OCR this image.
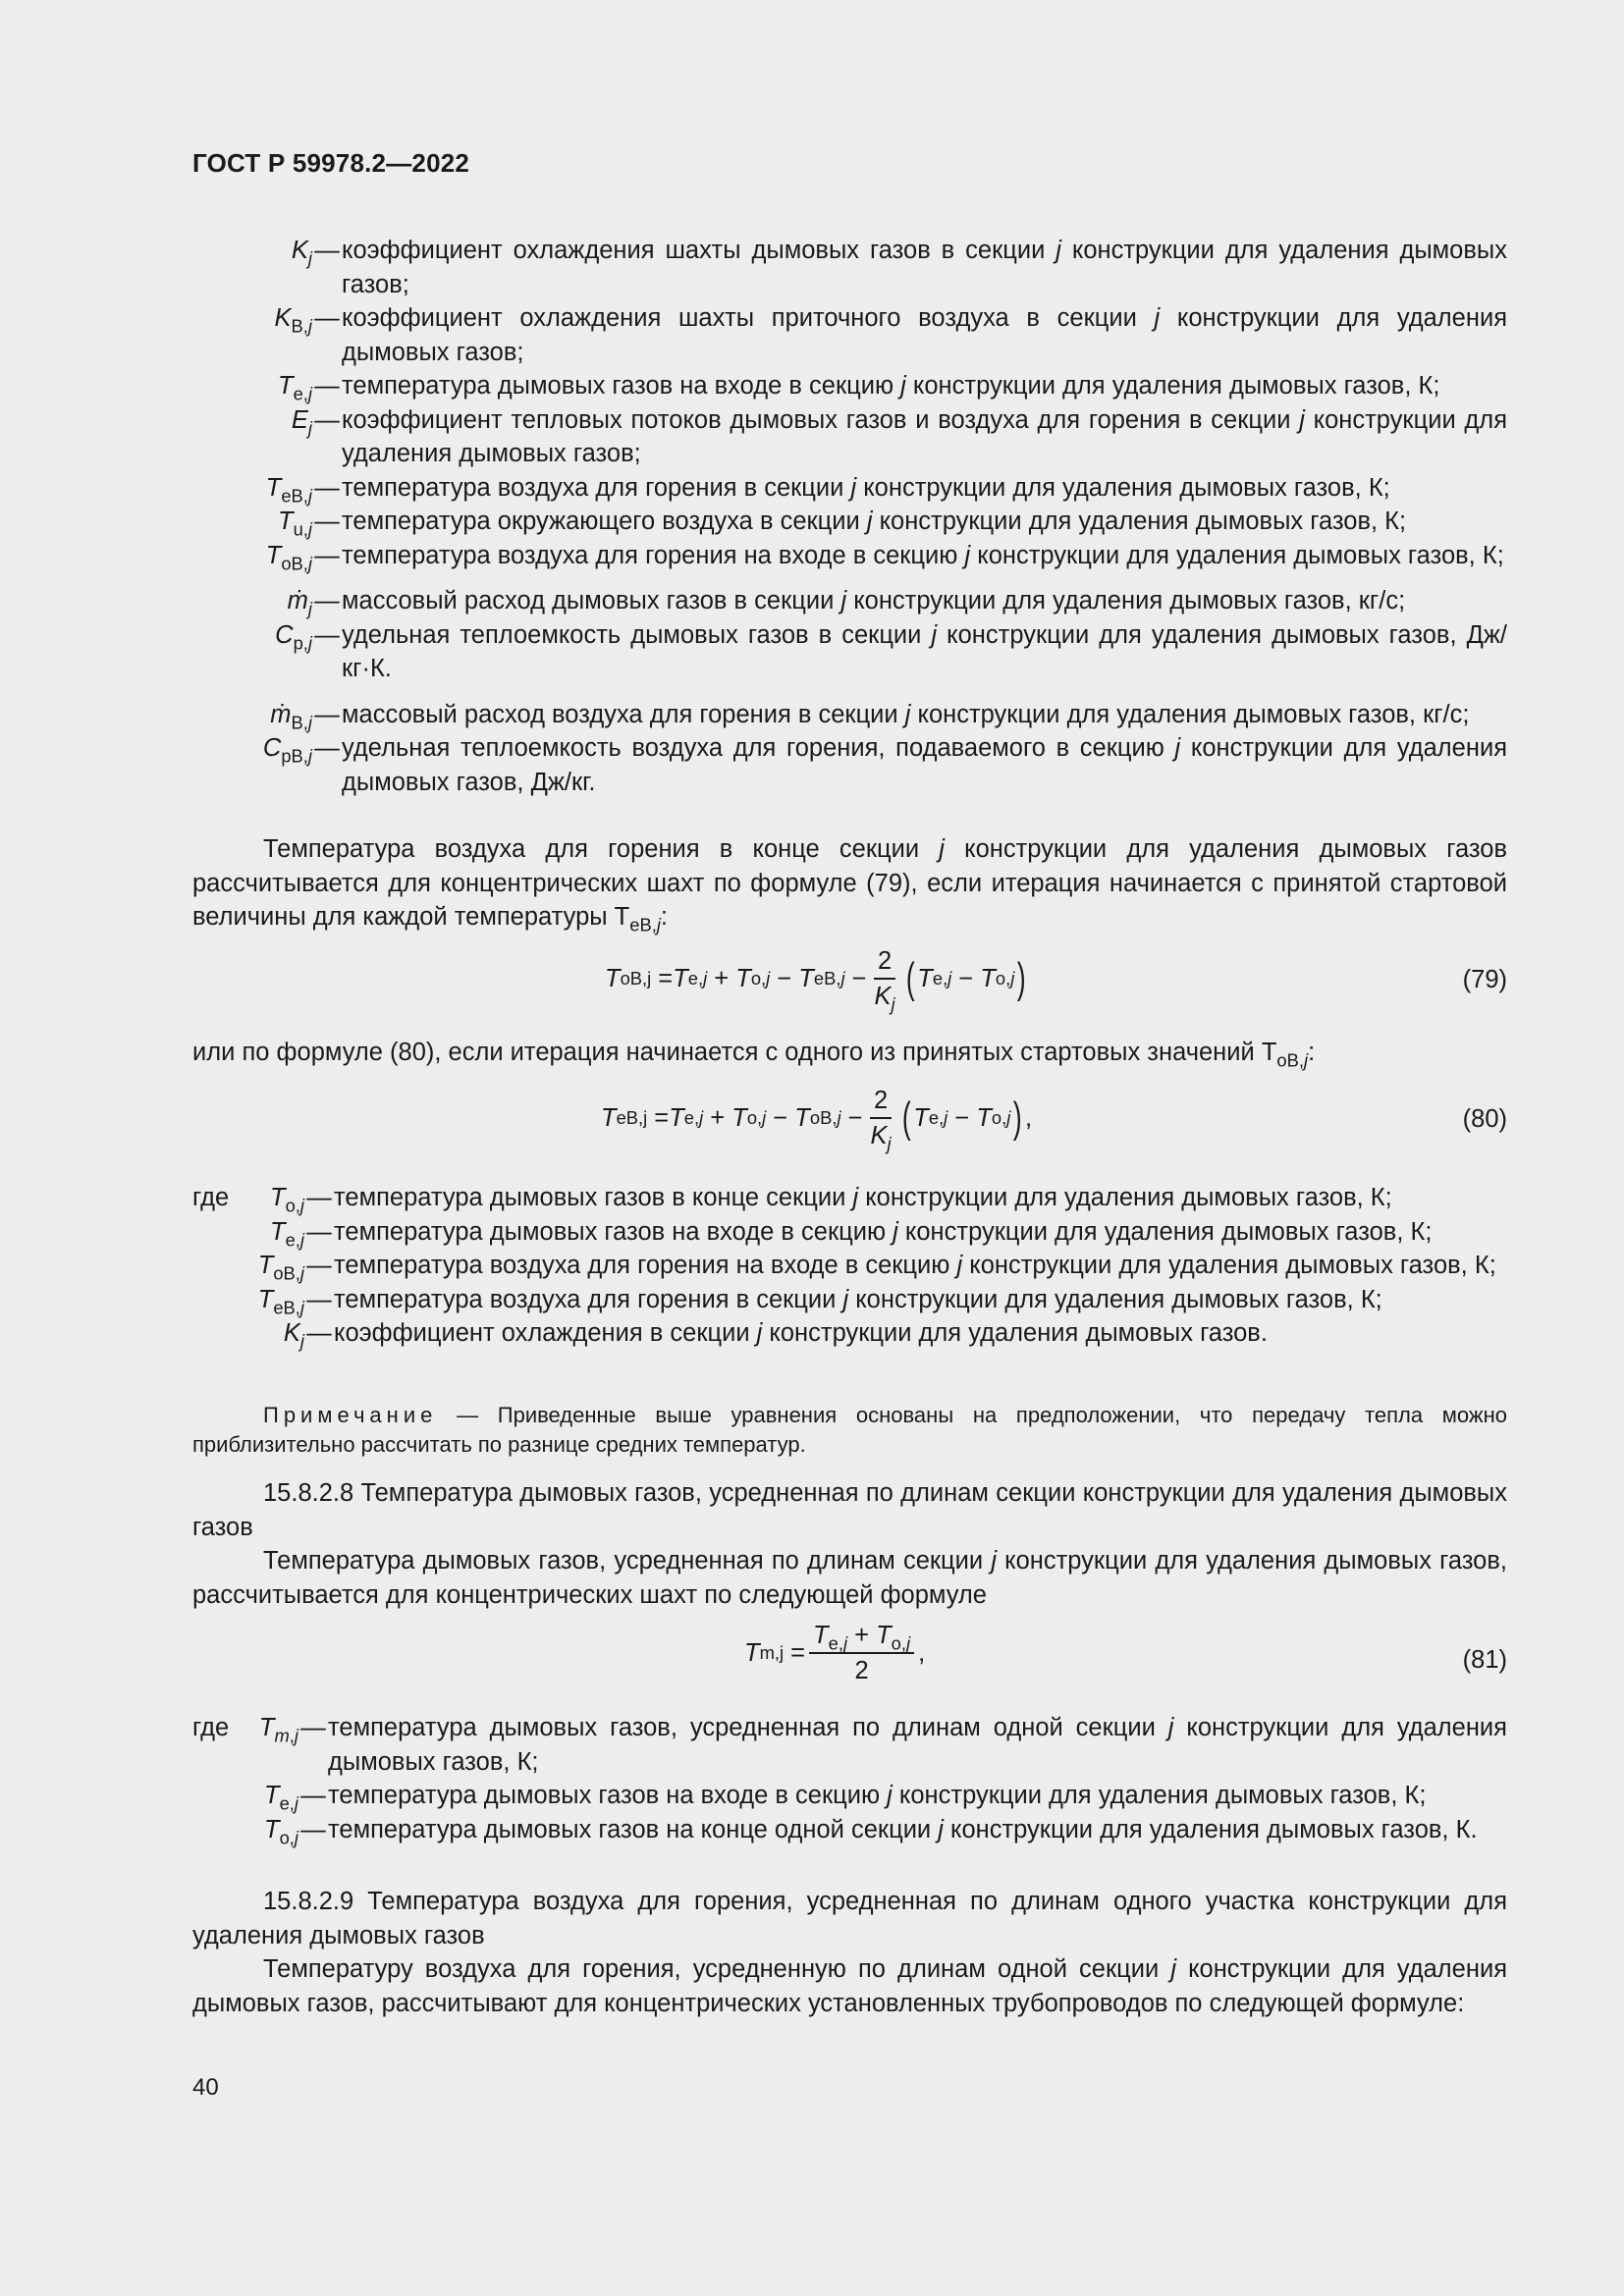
ГОСТ Р 59978.2—2022
$K_j$ — коэффициент охлаждения шахты дымовых газов в секции j конструкции для удаления дымовых газов;
$K_{B,j}$ — коэффициент охлаждения шахты приточного воздуха в секции j конструкции для удаления дымовых газов;
$T_{e,j}$ — температура дымовых газов на входе в секцию j конструкции для удаления дымовых газов, К;
$E_j$ — коэффициент тепловых потоков дымовых газов и воздуха для горения в секции j конструкции для удаления дымовых газов;
$T_{eB,j}$ — температура воздуха для горения в секции j конструкции для удаления дымовых газов, К;
$T_{u,j}$ — температура окружающего воздуха в секции j конструкции для удаления дымовых газов, К;
$T_{oB,j}$ — температура воздуха для горения на входе в секцию j конструкции для удаления дымовых газов, К;
ṁ$_j$ — массовый расход дымовых газов в секции j конструкции для удаления дымовых газов, кг/с;
$C_{p,j}$ — удельная теплоемкость дымовых газов в секции j конструкции для удаления дымовых газов, Дж/кг·К.
ṁ$_{B,j}$ — массовый расход воздуха для горения в секции j конструкции для удаления дымовых газов, кг/с;
$C_{pB,j}$ — удельная теплоемкость воздуха для горения, подаваемого в секцию j конструкции для удаления дымовых газов, Дж/кг.

Температура воздуха для горения в конце секции j конструкции для удаления дымовых газов рассчитывается для концентрических шахт по формуле (79), если итерация начинается с принятой стартовой величины для каждой температуры $T_{eB,j}$:

T oB,j = T e,j + T o,j − T $eB,j - \frac{2}{K_j}$ ( T e,j − T o,j )	(79)

или по формуле (80), если итерация начинается с одного из принятых стартовых значений $T_{oB,j}$:

T eB,j = T e,j + T o,j − T $oB,j - \frac{2}{K_j}$ ( T e,j − T o,j ) ,	(80)
где	$T_{o,j}$ — температура дымовых газов в конце секции j конструкции для удаления дымовых газов, К;
$T_{e,j}$ — температура дымовых газов на входе в секцию j конструкции для удаления дымовых газов, К;
$T_{oB,j}$ — температура воздуха для горения на входе в секцию j конструкции для удаления дымовых газов, К;
$T_{eB,j}$ — температура воздуха для горения в секции j конструкции для удаления дымовых газов, К;
$K_j$ — коэффициент охлаждения в секции j конструкции для удаления дымовых газов.

Примечание — Приведенные выше уравнения основаны на предположении, что передачу тепла можно приблизительно рассчитать по разнице средних температур.

15.8.2.8 Температура дымовых газов, усредненная по длинам секции конструкции для удаления дымовых газов

Температура дымовых газов, усредненная по длинам секции j конструкции для удаления дымовых газов, рассчитывается для концентрических шахт по следующей формуле

T $m,j = \frac{T_{e,j} + T_{o,j}}{2}$ ,	(81)
где	$T_{m,j}$ — температура дымовых газов, усредненная по длинам одной секции j конструкции для удаления дымовых газов, К;
$T_{e,j}$ — температура дымовых газов на входе в секцию j конструкции для удаления дымовых газов, К;
$T_{o,j}$ — температура дымовых газов на конце одной секции j конструкции для удаления дымовых газов, К.

15.8.2.9 Температура воздуха для горения, усредненная по длинам одного участка конструкции для удаления дымовых газов

Температуру воздуха для горения, усредненную по длинам одной секции j конструкции для удаления дымовых газов, рассчитывают для концентрических установленных трубопроводов по следующей формуле:

40
